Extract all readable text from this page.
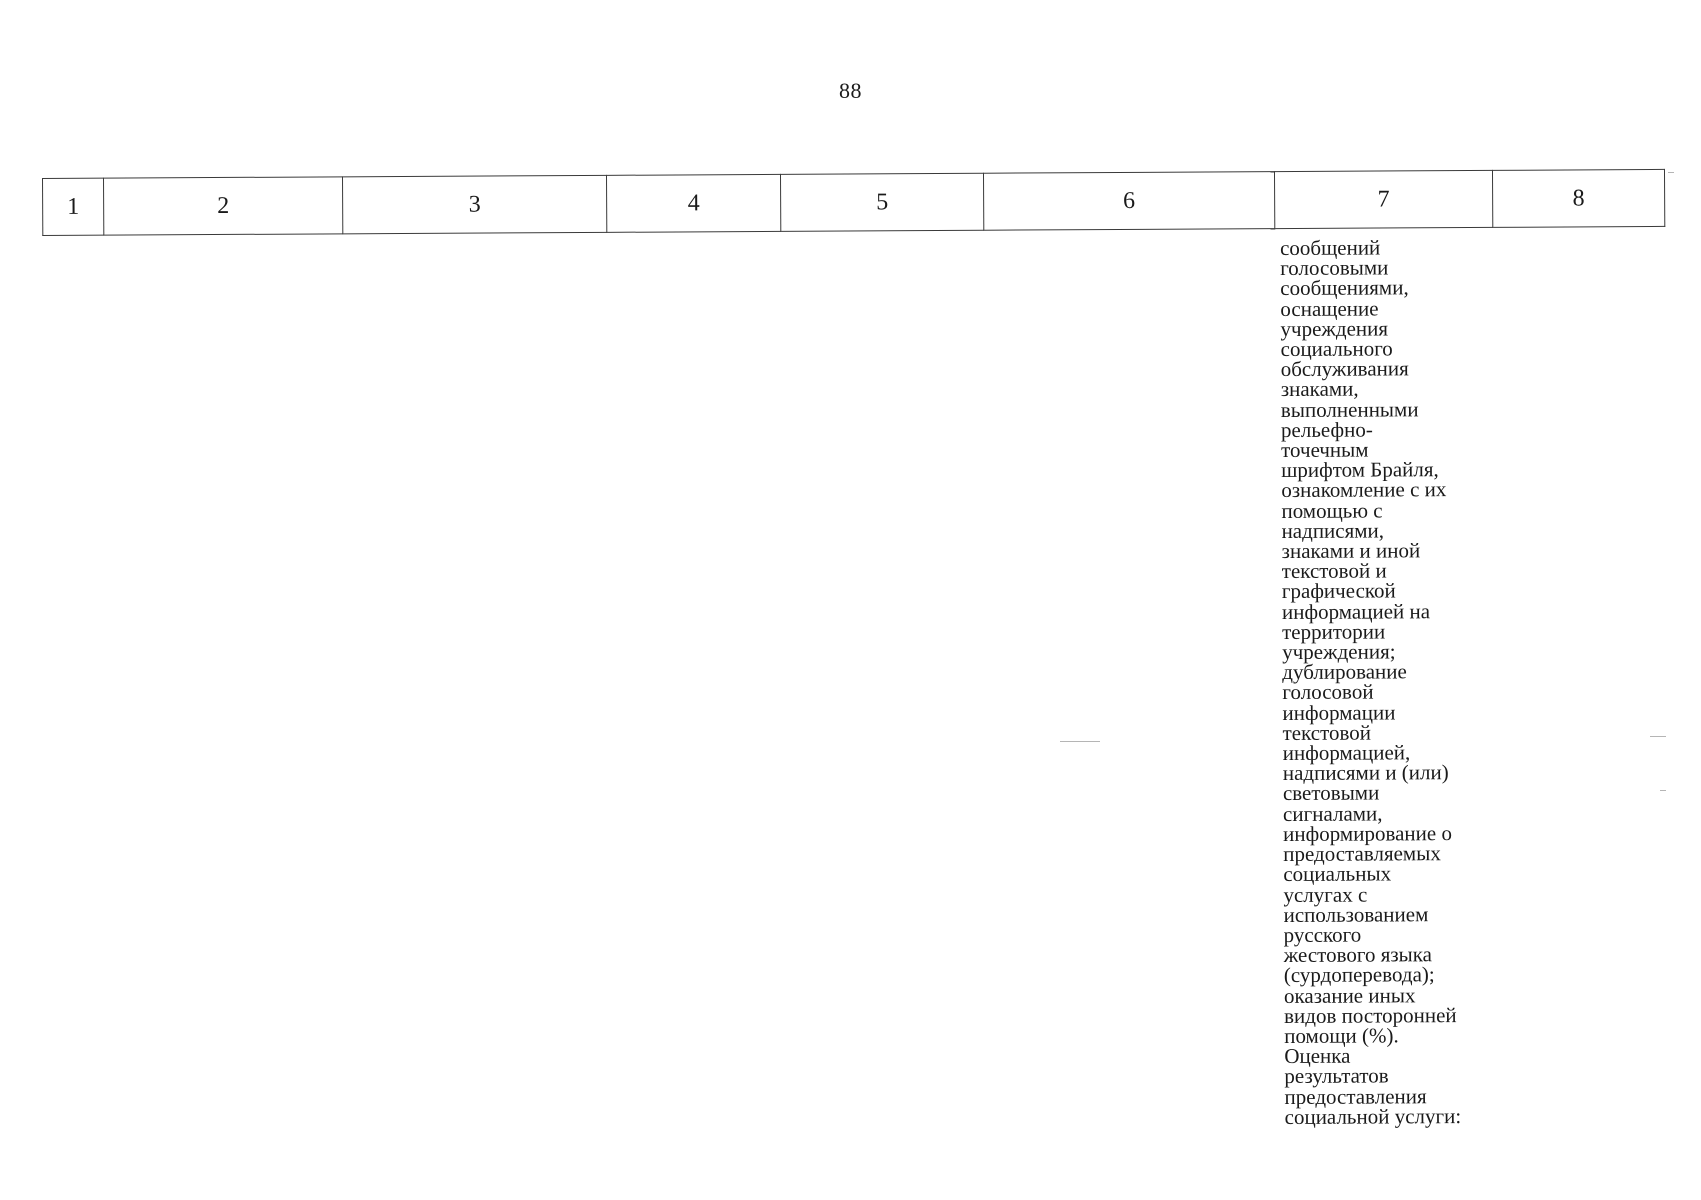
88
1	2	3	4	5	6	7	8
сообщений
голосовыми
сообщениями,
оснащение
учреждения
социального
обслуживания
знаками,
выполненными
рельефно-
точечным
шрифтом Брайля,
ознакомление с их
помощью с
надписями,
знаками и иной
текстовой и
графической
информацией на
территории
учреждения;
дублирование
голосовой
информации
текстовой
информацией,
надписями и (или)
световыми
сигналами,
информирование о
предоставляемых
социальных
услугах с
использованием
русского
жестового языка
(сурдоперевода);
оказание иных
видов посторонней
помощи (%).
Оценка
результатов
предоставления
социальной услуги:
